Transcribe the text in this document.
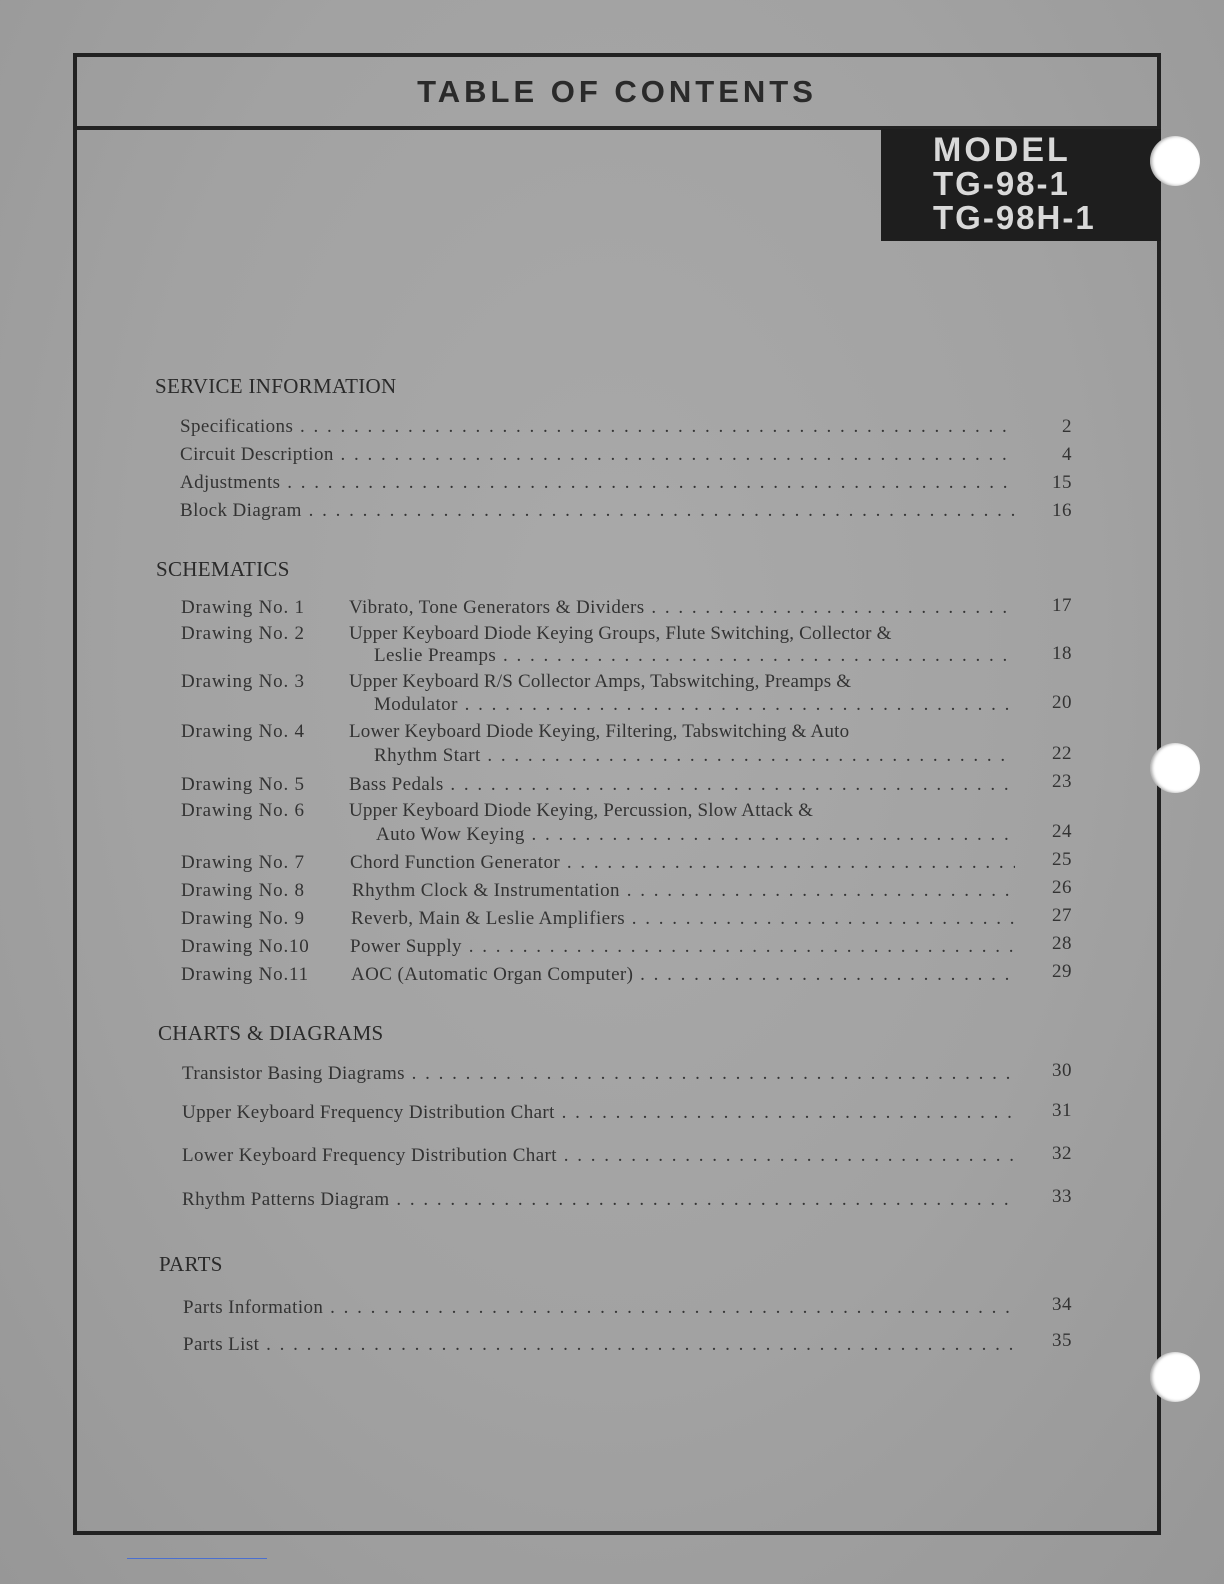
TABLE OF CONTENTS
MODEL
TG-98-1
TG-98H-1
SERVICE INFORMATION
Specifications . . .	2
Circuit Description . . .	4
Adjustments . . .	15
Block Diagram . . .	16
SCHEMATICS
Drawing No. 1 Vibrato, Tone Generators & Dividers . . .	17
Drawing No. 2 Upper Keyboard Diode Keying Groups, Flute Switching, Collector &
Leslie Preamps . . .	18
Drawing No. 3 Upper Keyboard R/S Collector Amps, Tabswitching, Preamps &
Modulator . . .	20
Drawing No. 4 Lower Keyboard Diode Keying, Filtering, Tabswitching & Auto
Rhythm Start . . .	22
Drawing No. 5 Bass Pedals . . .	23
Drawing No. 6 Upper Keyboard Diode Keying, Percussion, Slow Attack &
Auto Wow Keying . . .	24
Drawing No. 7 Chord Function Generator . . .	25
Drawing No. 8 Rhythm Clock & Instrumentation . . .	26
Drawing No. 9 Reverb, Main & Leslie Amplifiers . . .	27
Drawing No.10 Power Supply . . .	28
Drawing No.11 AOC (Automatic Organ Computer) . . .	29
CHARTS & DIAGRAMS
Transistor Basing Diagrams . . .	30
Upper Keyboard Frequency Distribution Chart . . .	31
Lower Keyboard Frequency Distribution Chart . . .	32
Rhythm Patterns Diagram . . .	33
PARTS
Parts Information . . .	34
Parts List . . .	35
